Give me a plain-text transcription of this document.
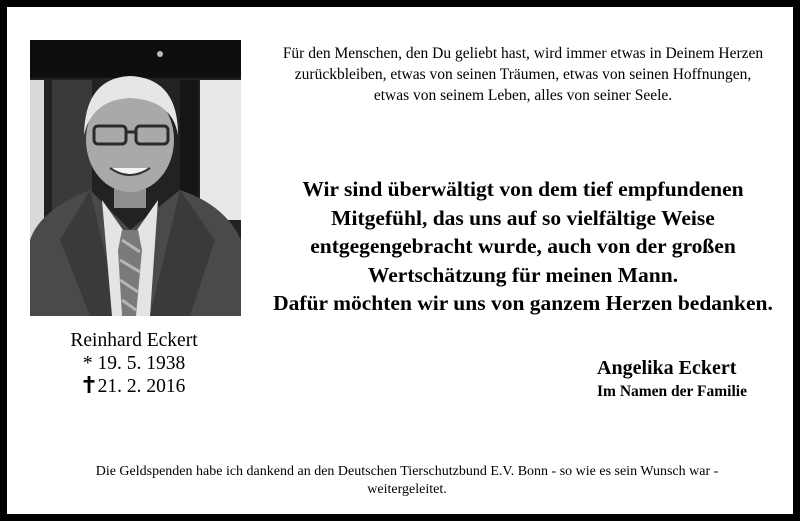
Für den Menschen, den Du geliebt hast, wird immer etwas in Deinem Herzen
zurückbleiben, etwas von seinen Träumen, etwas von seinen Hoffnungen,
etwas von seinem Leben, alles von seiner Seele.
Wir sind überwältigt von dem tief empfundenen
Mitgefühl, das uns auf so vielfältige Weise
entgegengebracht wurde, auch von der großen
Wertschätzung für meinen Mann.
Dafür möchten wir uns von ganzem Herzen bedanken.
Reinhard Eckert
* 19. 5. 1938
21. 2. 2016
Angelika Eckert
Im Namen der Familie
Die Geldspenden habe ich dankend an den Deutschen Tierschutzbund E.V. Bonn - so wie es sein Wunsch war -
weitergeleitet.
